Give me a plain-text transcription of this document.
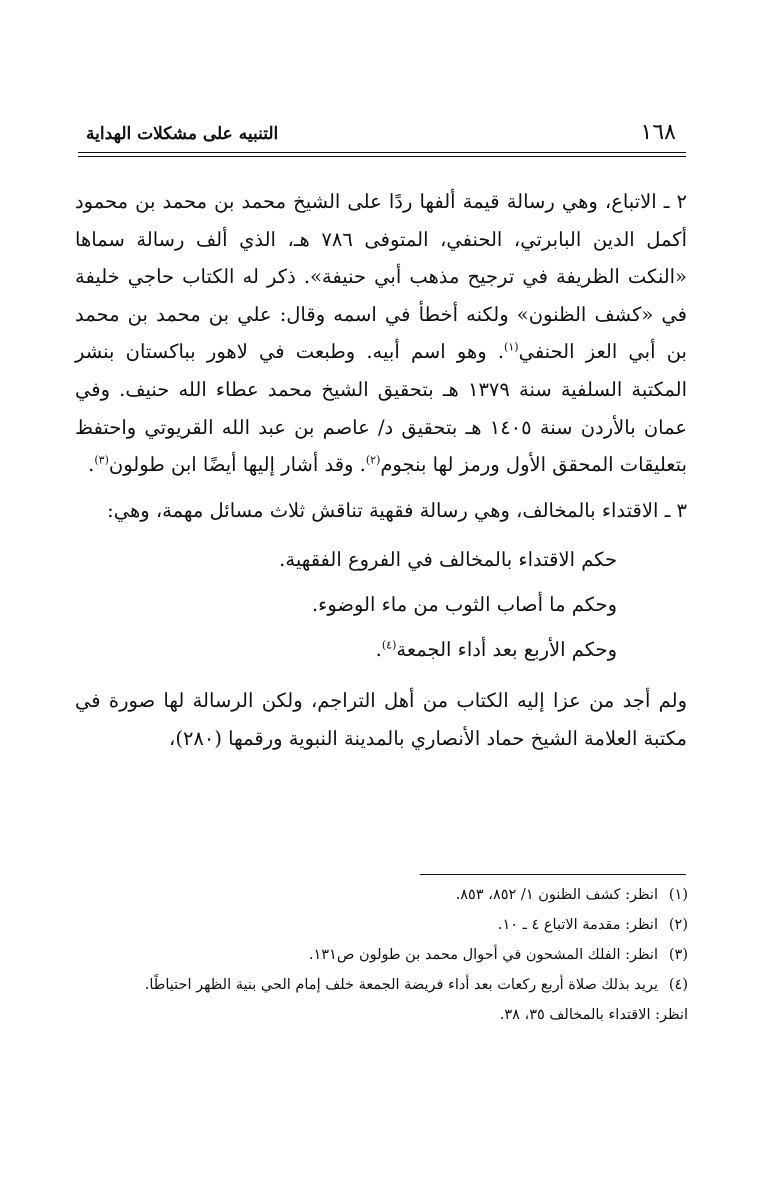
١٦٨
التنبيه على مشكلات الهداية

٢ ـ الاتباع، وهي رسالة قيمة ألفها ردًا على الشيخ محمد بن محمد بن محمود أكمل الدين البابرتي، الحنفي، المتوفى ٧٨٦ هـ، الذي ألف رسالة سماها «النكت الظريفة في ترجيح مذهب أبي حنيفة». ذكر له الكتاب حاجي خليفة في «كشف الظنون» ولكنه أخطأ في اسمه وقال: علي بن محمد بن محمد بن أبي العز الحنفي$^{(١)}$. وهو اسم أبيه. وطبعت في لاهور بباكستان بنشر المكتبة السلفية سنة ١٣٧٩ هـ بتحقيق الشيخ محمد عطاء الله حنيف. وفي عمان بالأردن سنة ١٤٠٥ هـ بتحقيق د/ عاصم بن عبد الله القريوتي واحتفظ بتعليقات المحقق الأول ورمز لها بنجوم$^{(٢)}$. وقد أشار إليها أيضًا ابن طولون$^{(٣)}$.

٣ ـ الاقتداء بالمخالف، وهي رسالة فقهية تناقش ثلاث مسائل مهمة، وهي:

حكم الاقتداء بالمخالف في الفروع الفقهية.
وحكم ما أصاب الثوب من ماء الوضوء.
وحكم الأربع بعد أداء الجمعة$^{(٤)}$.

ولم أجد من عزا إليه الكتاب من أهل التراجم، ولكن الرسالة لها صورة في مكتبة العلامة الشيخ حماد الأنصاري بالمدينة النبوية ورقمها (٢٨٠)،

(١)
انظر: كشف الظنون ١/ ٨٥٢، ٨٥٣.

(٢)
انظر: مقدمة الاتباع ٤ ـ ١٠.

(٣)
انظر: الفلك المشحون في أحوال محمد بن طولون ص١٣١.

(٤)
يريد بذلك صلاة أربع ركعات بعد أداء فريضة الجمعة خلف إمام الحي بنية الظهر احتياطًا.

انظر: الاقتداء بالمخالف ٣٥، ٣٨.
